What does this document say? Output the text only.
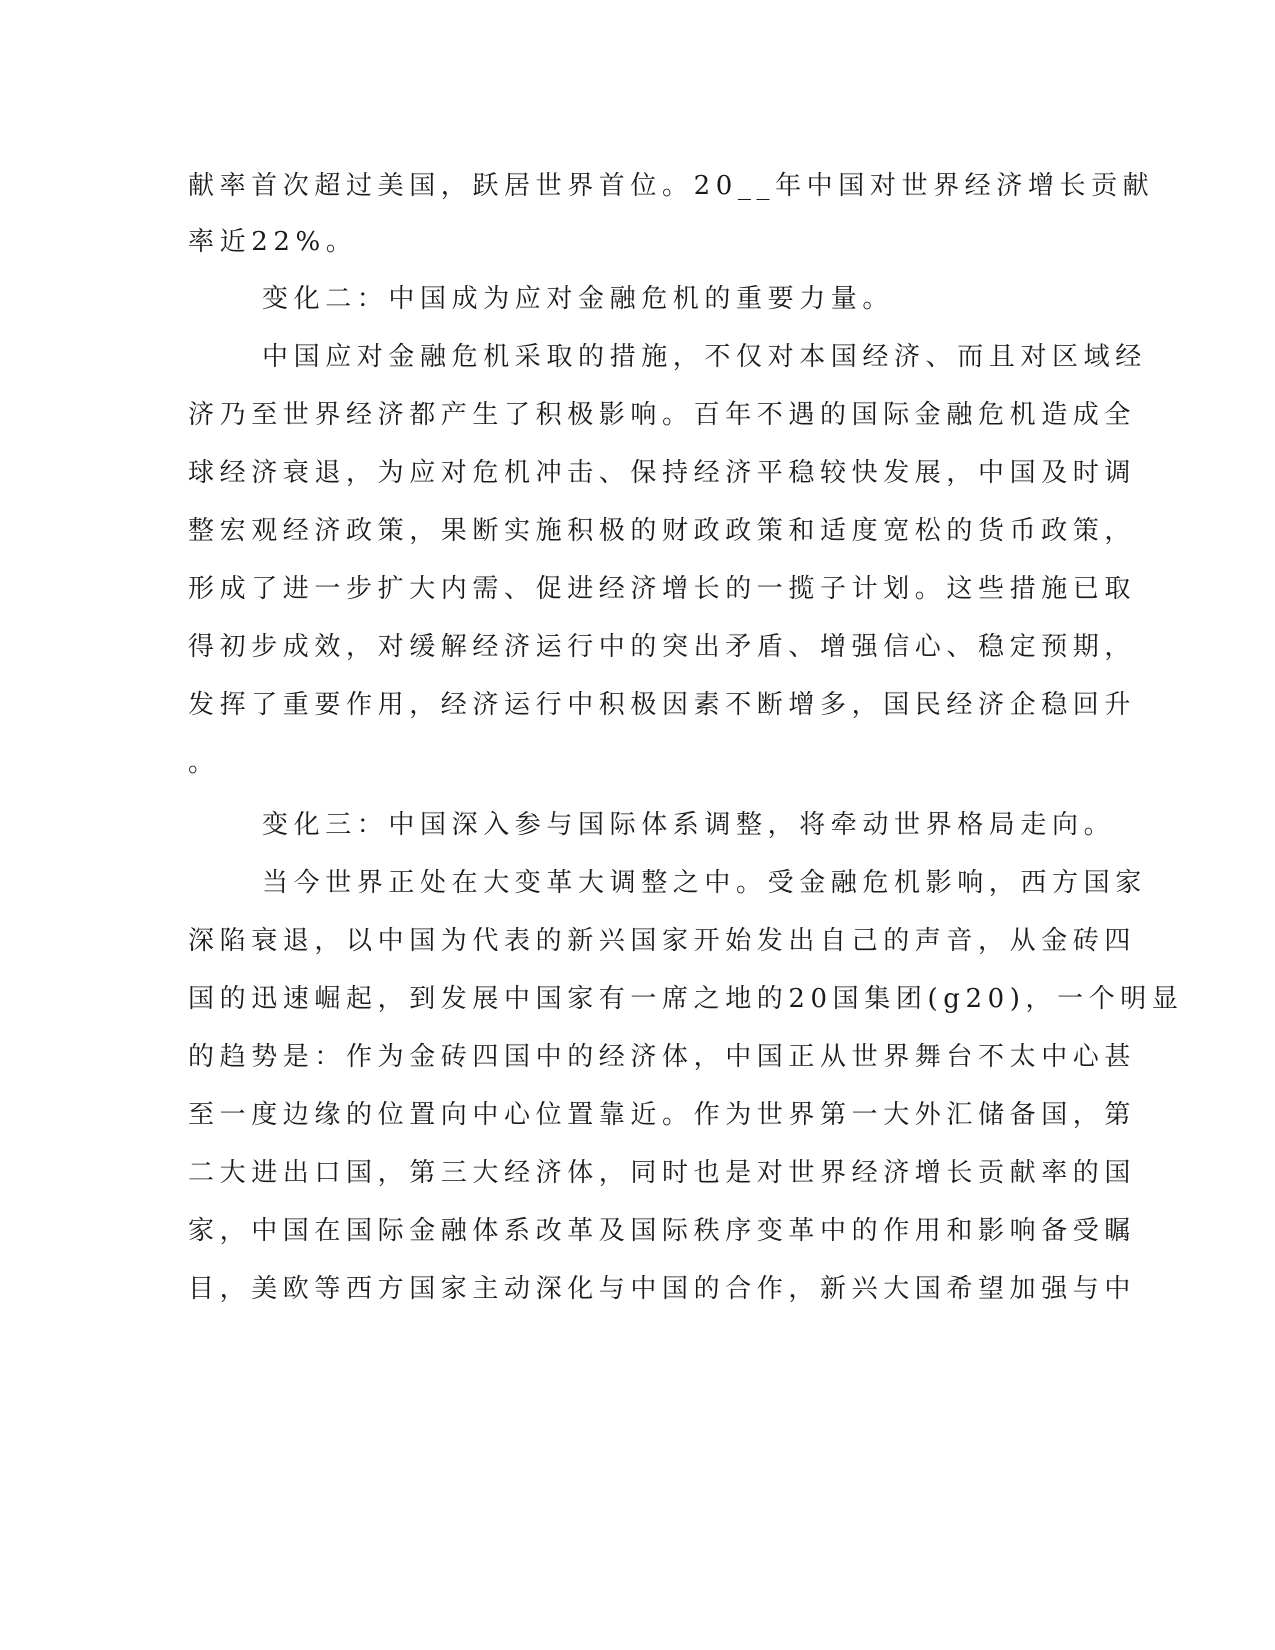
献率首次超过美国，跃居世界首位。20__年中国对世界经济增长贡献
率近22%。
变化二：中国成为应对金融危机的重要力量。
中国应对金融危机采取的措施，不仅对本国经济、而且对区域经
济乃至世界经济都产生了积极影响。百年不遇的国际金融危机造成全
球经济衰退，为应对危机冲击、保持经济平稳较快发展，中国及时调
整宏观经济政策，果断实施积极的财政政策和适度宽松的货币政策，
形成了进一步扩大内需、促进经济增长的一揽子计划。这些措施已取
得初步成效，对缓解经济运行中的突出矛盾、增强信心、稳定预期，
发挥了重要作用，经济运行中积极因素不断增多，国民经济企稳回升
。
变化三：中国深入参与国际体系调整，将牵动世界格局走向。
当今世界正处在大变革大调整之中。受金融危机影响，西方国家
深陷衰退，以中国为代表的新兴国家开始发出自己的声音，从金砖四
国的迅速崛起，到发展中国家有一席之地的20国集团(g20)，一个明显
的趋势是：作为金砖四国中的经济体，中国正从世界舞台不太中心甚
至一度边缘的位置向中心位置靠近。作为世界第一大外汇储备国，第
二大进出口国，第三大经济体，同时也是对世界经济增长贡献率的国
家，中国在国际金融体系改革及国际秩序变革中的作用和影响备受瞩
目，美欧等西方国家主动深化与中国的合作，新兴大国希望加强与中
